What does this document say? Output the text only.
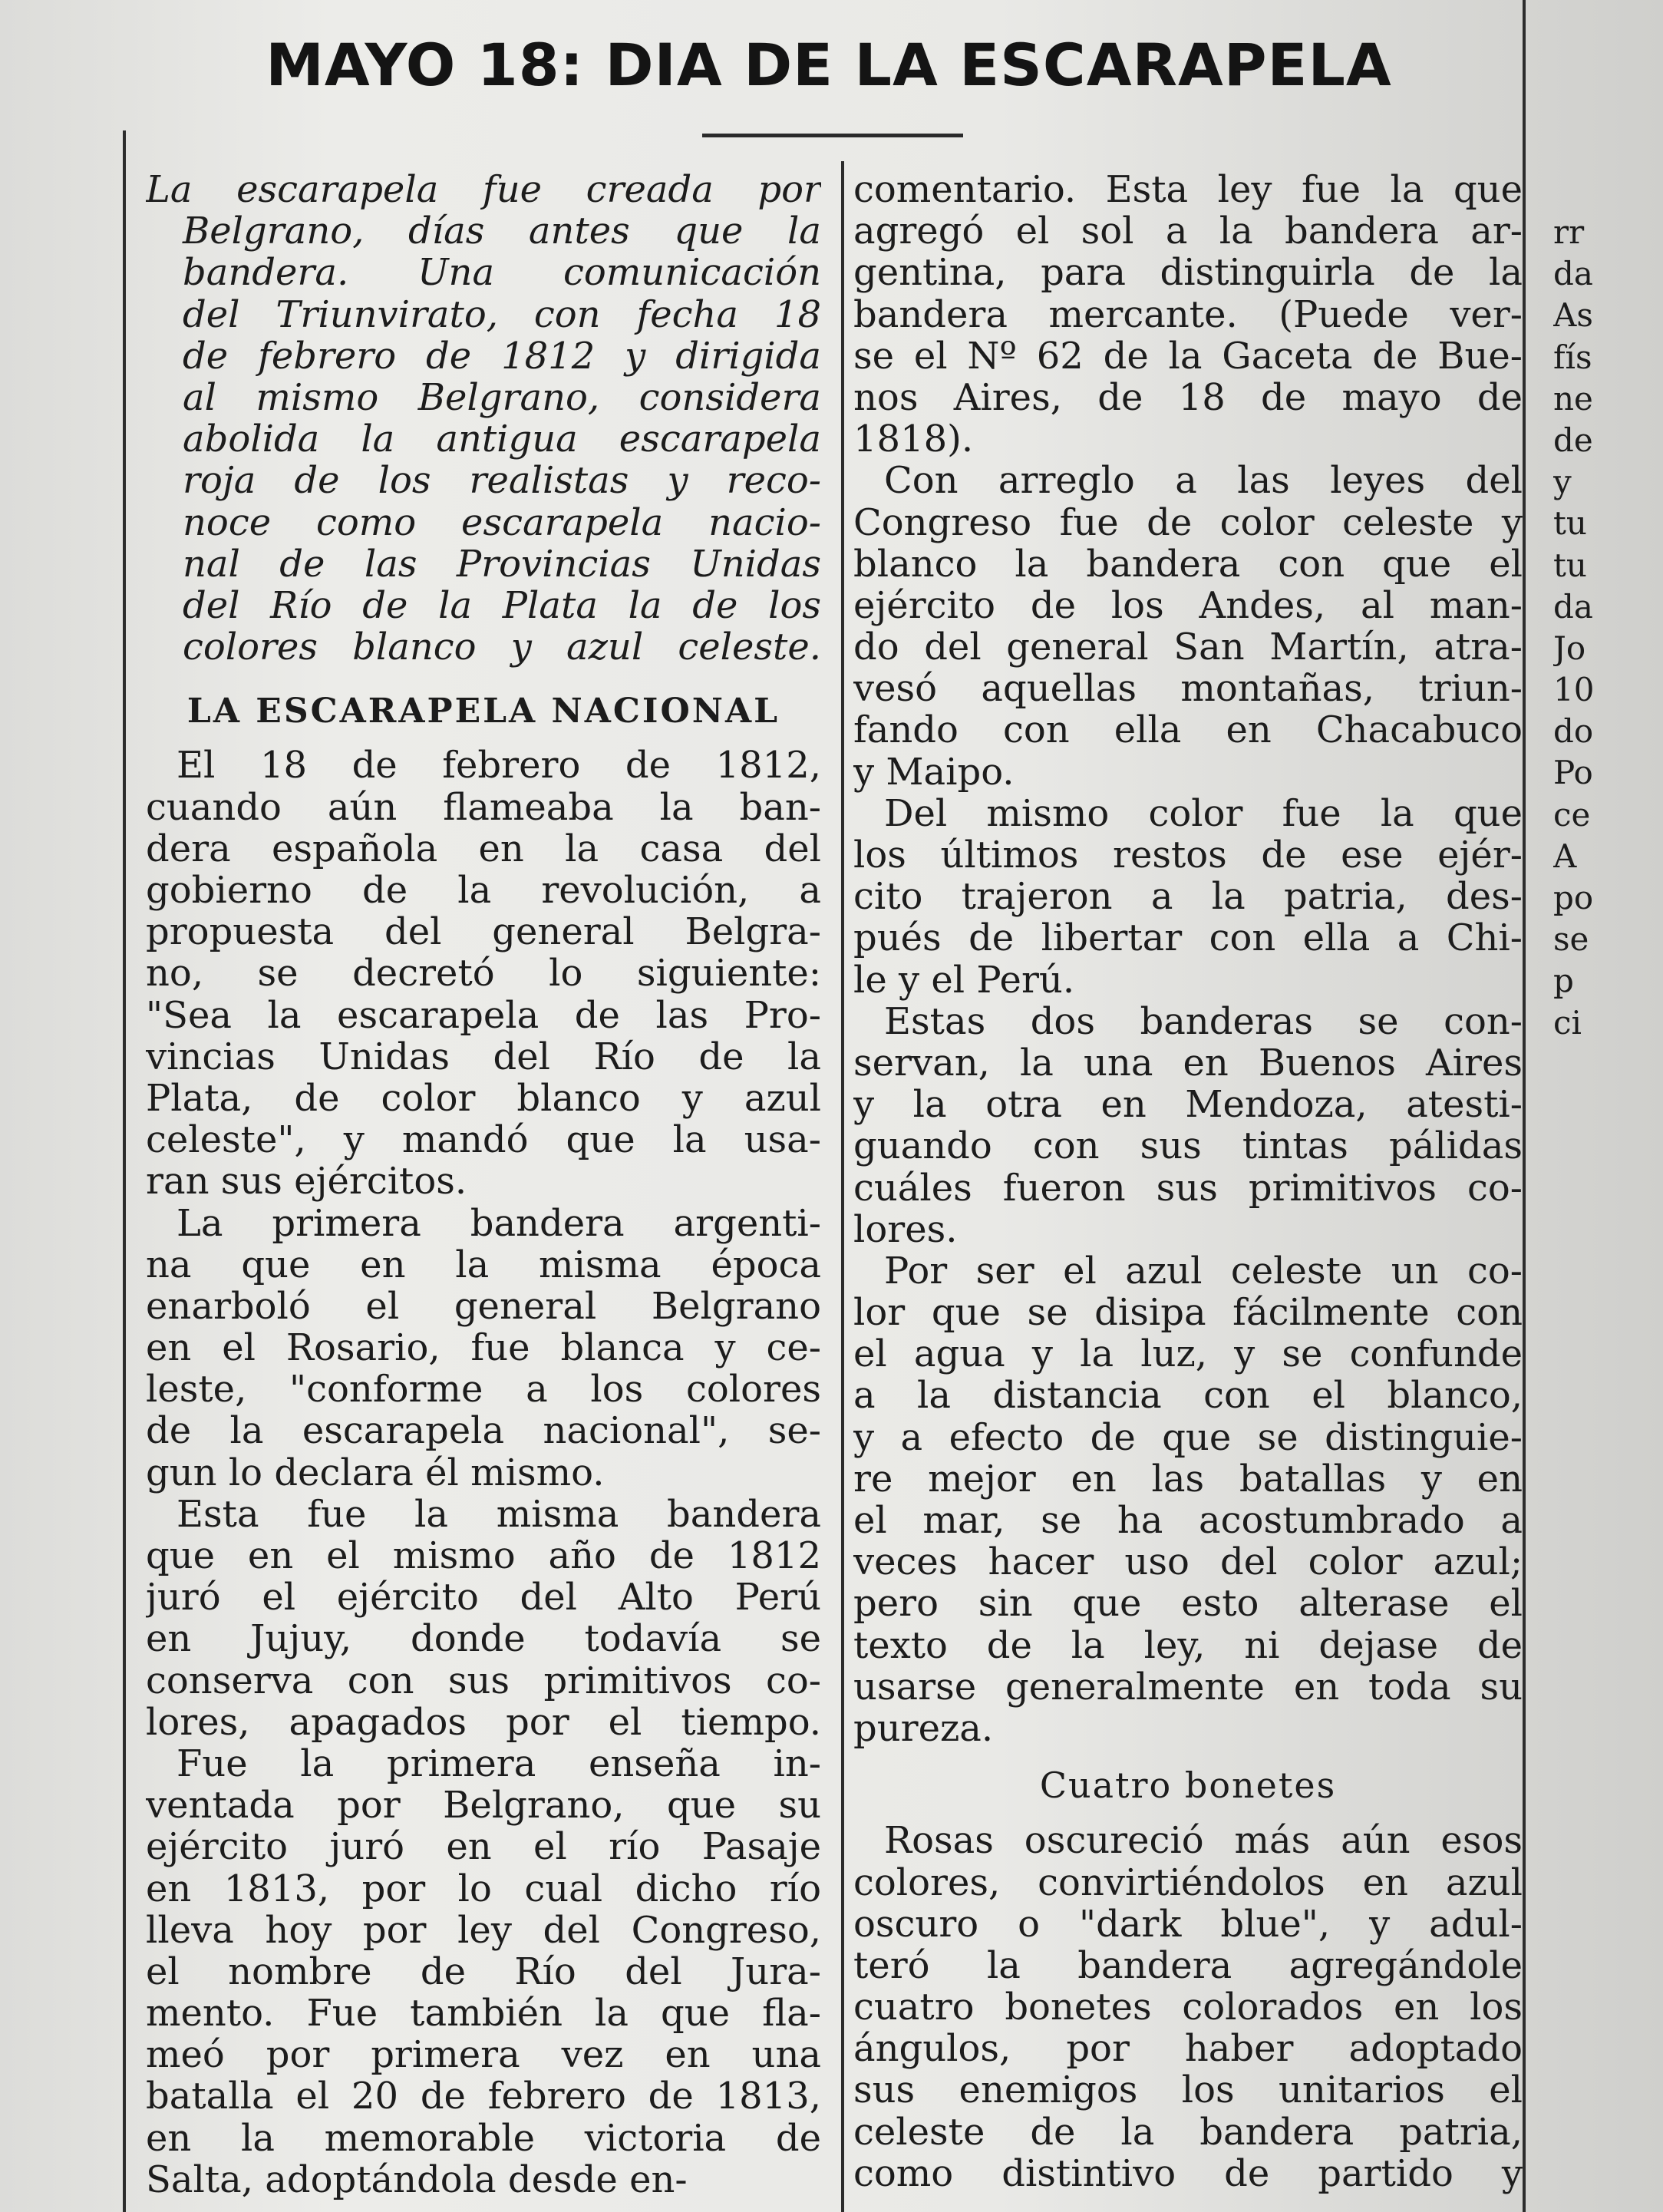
MAYO 18: DIA DE LA ESCARAPELA
La escarapela fue creada por
Belgrano, días antes que la
bandera. Una comunicación
del Triunvirato, con fecha 18
de febrero de 1812 y dirigida
al mismo Belgrano, considera
abolida la antigua escarapela
roja de los realistas y reco-
noce como escarapela nacio-
nal de las Provincias Unidas
del Río de la Plata la de los
colores blanco y azul celeste.
LA ESCARAPELA NACIONAL
El 18 de febrero de 1812,
cuando aún flameaba la ban-
dera española en la casa del
gobierno de la revolución, a
propuesta del general Belgra-
no, se decretó lo siguiente:
"Sea la escarapela de las Pro-
vincias Unidas del Río de la
Plata, de color blanco y azul
celeste", y mandó que la usa-
ran sus ejércitos.
La primera bandera argenti-
na que en la misma época
enarboló el general Belgrano
en el Rosario, fue blanca y ce-
leste, "conforme a los colores
de la escarapela nacional", se-
gun lo declara él mismo.
Esta fue la misma bandera
que en el mismo año de 1812
juró el ejército del Alto Perú
en Jujuy, donde todavía se
conserva con sus primitivos co-
lores, apagados por el tiempo.
Fue la primera enseña in-
ventada por Belgrano, que su
ejército juró en el río Pasaje
en 1813, por lo cual dicho río
lleva hoy por ley del Congreso,
el nombre de Río del Jura-
mento. Fue también la que fla-
meó por primera vez en una
batalla el 20 de febrero de 1813,
en la memorable victoria de
Salta, adoptándola desde en-
comentario. Esta ley fue la que
agregó el sol a la bandera ar-
gentina, para distinguirla de la
bandera mercante. (Puede ver-
se el Nº 62 de la Gaceta de Bue-
nos Aires, de 18 de mayo de
1818).
Con arreglo a las leyes del
Congreso fue de color celeste y
blanco la bandera con que el
ejército de los Andes, al man-
do del general San Martín, atra-
vesó aquellas montañas, triun-
fando con ella en Chacabuco
y Maipo.
Del mismo color fue la que
los últimos restos de ese ejér-
cito trajeron a la patria, des-
pués de libertar con ella a Chi-
le y el Perú.
Estas dos banderas se con-
servan, la una en Buenos Aires
y la otra en Mendoza, atesti-
guando con sus tintas pálidas
cuáles fueron sus primitivos co-
lores.
Por ser el azul celeste un co-
lor que se disipa fácilmente con
el agua y la luz, y se confunde
a la distancia con el blanco,
y a efecto de que se distinguie-
re mejor en las batallas y en
el mar, se ha acostumbrado a
veces hacer uso del color azul;
pero sin que esto alterase el
texto de la ley, ni dejase de
usarse generalmente en toda su
pureza.
Cuatro bonetes
Rosas oscureció más aún esos
colores, convirtiéndolos en azul
oscuro o "dark blue", y adul-
teró la bandera agregándole
cuatro bonetes colorados en los
ángulos, por haber adoptado
sus enemigos los unitarios el
celeste de la bandera patria,
como distintivo de partido y
rr
da
As
fís
ne
de
y
tu
tu
da
Jo
10
do
Po
ce
A
po
se
p
ci
